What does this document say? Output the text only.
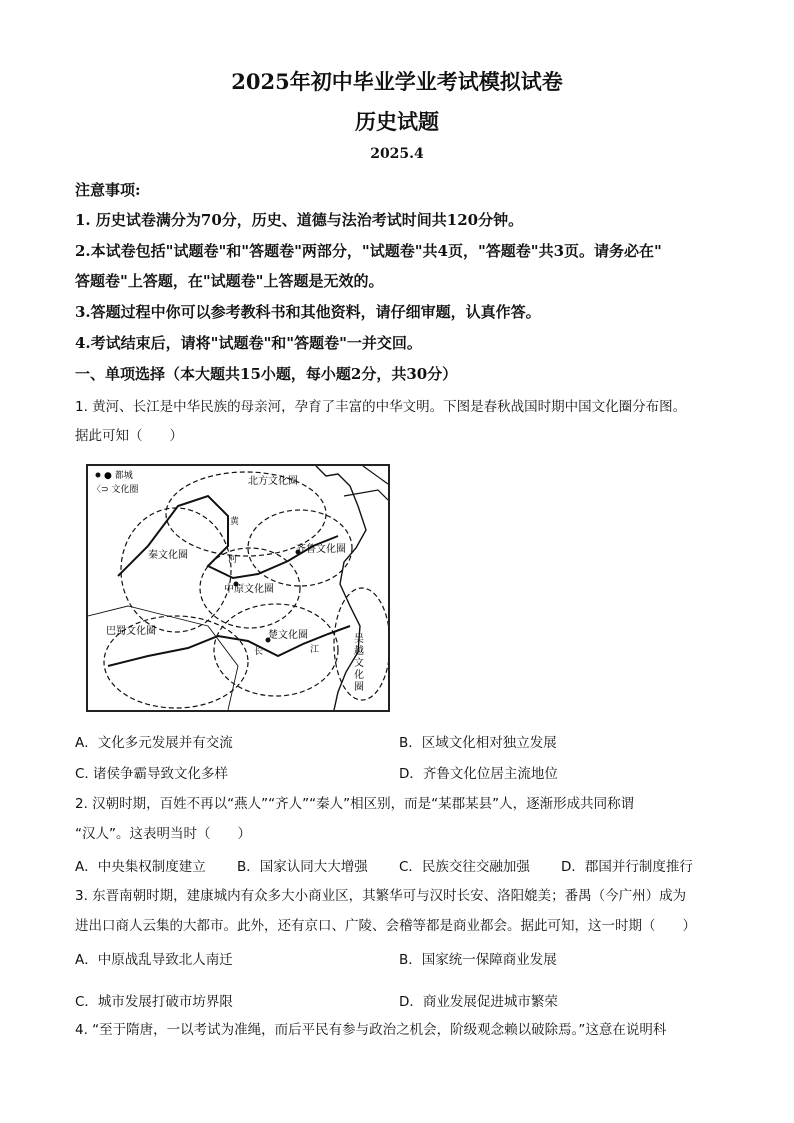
2025年初中毕业学业考试模拟试卷
历史试题
2025.4
注意事项:
1. 历史试卷满分为70分，历史、道德与法治考试时间共120分钟。
2.本试卷包括"试题卷"和"答题卷"两部分，"试题卷"共4页，"答题卷"共3页。请务必在"
答题卷"上答题，在"试题卷"上答题是无效的。
3.答题过程中你可以参考教科书和其他资料，请仔细审题，认真作答。
4.考试结束后，请将"试题卷"和"答题卷"一并交回。
一、单项选择（本大题共15小题，每小题2分，共30分）
1. 黄河、长江是中华民族的母亲河，孕育了丰富的中华文明。下图是春秋战国时期中国文化圈分布图。
据此可知（　　）
● 都城
〈⊃ 文化圈
北方文化圈
齐鲁文化圈
秦文化圈
中原文化圈
楚文化圈
巴蜀文化圈
吴
越
文
化
圈
黄
河
长	江
A．文化多元发展并有交流	B．区域文化相对独立发展
C. 诸侯争霸导致文化多样	D．齐鲁文化位居主流地位
2. 汉朝时期，百姓不再以“燕人”“齐人”“秦人”相区别，而是“某郡某县”人，逐渐形成共同称谓
“汉人”。这表明当时（　　）
A．中央集权制度建立 B．国家认同大大增强 C．民族交往交融加强 D．郡国并行制度推行
3. 东晋南朝时期，建康城内有众多大小商业区，其繁华可与汉时长安、洛阳媲美；番禺（今广州）成为
进出口商人云集的大都市。此外，还有京口、广陵、会稽等都是商业都会。据此可知，这一时期（　　）
A．中原战乱导致北人南迁	B．国家统一保障商业发展
C．城市发展打破市坊界限	D．商业发展促进城市繁荣
4. “至于隋唐，一以考试为准绳，而后平民有参与政治之机会，阶级观念赖以破除焉。”这意在说明科
